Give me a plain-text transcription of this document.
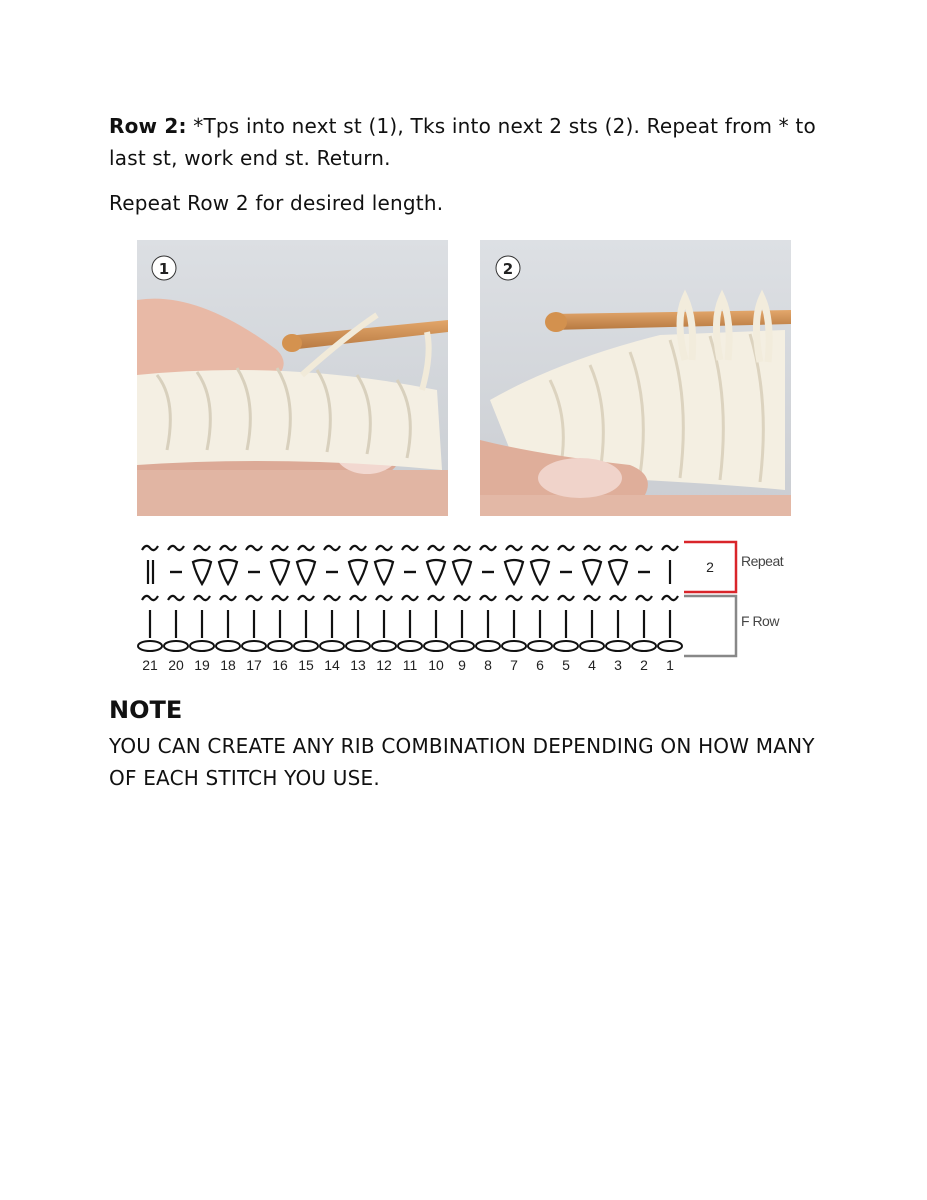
Row 2: *Tps into next st (1), Tks into next 2 sts (2). Repeat from * to last st, work end st. Return.

Repeat Row 2 for desired length.

1	2
2 Repeat
F Row
21 20 19 18 17 16 15 14 13 12 11 10 9 8 7 6 5 4 3 2 1
NOTE
YOU CAN CREATE ANY RIB COMBINATION DEPENDING ON HOW MANY OF EACH STITCH YOU USE.
